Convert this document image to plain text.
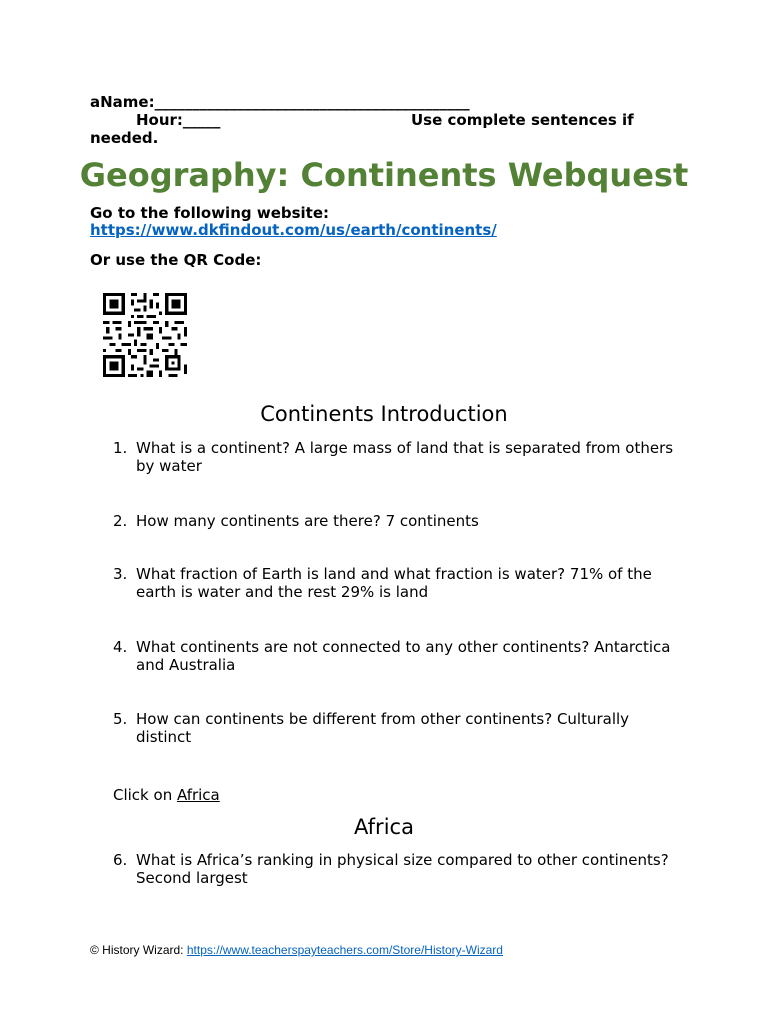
aName:__________________________________________

Hour:_____	Use complete sentences if

needed.

Geography: Continents Webquest

Go to the following website:

https://www.dkfindout.com/us/earth/continents/

Or use the QR Code:

Continents Introduction
1. What is a continent? A large mass of land that is separated from others by water
2. How many continents are there? 7 continents
3. What fraction of Earth is land and what fraction is water? 71% of the earth is water and the rest 29% is land
4. What continents are not connected to any other continents? Antarctica and Australia
5. How can continents be different from other continents? Culturally distinct

Click on Africa

Africa
6. What is Africa’s ranking in physical size compared to other continents? Second largest

© History Wizard: https://www.teacherspayteachers.com/Store/History-Wizard
